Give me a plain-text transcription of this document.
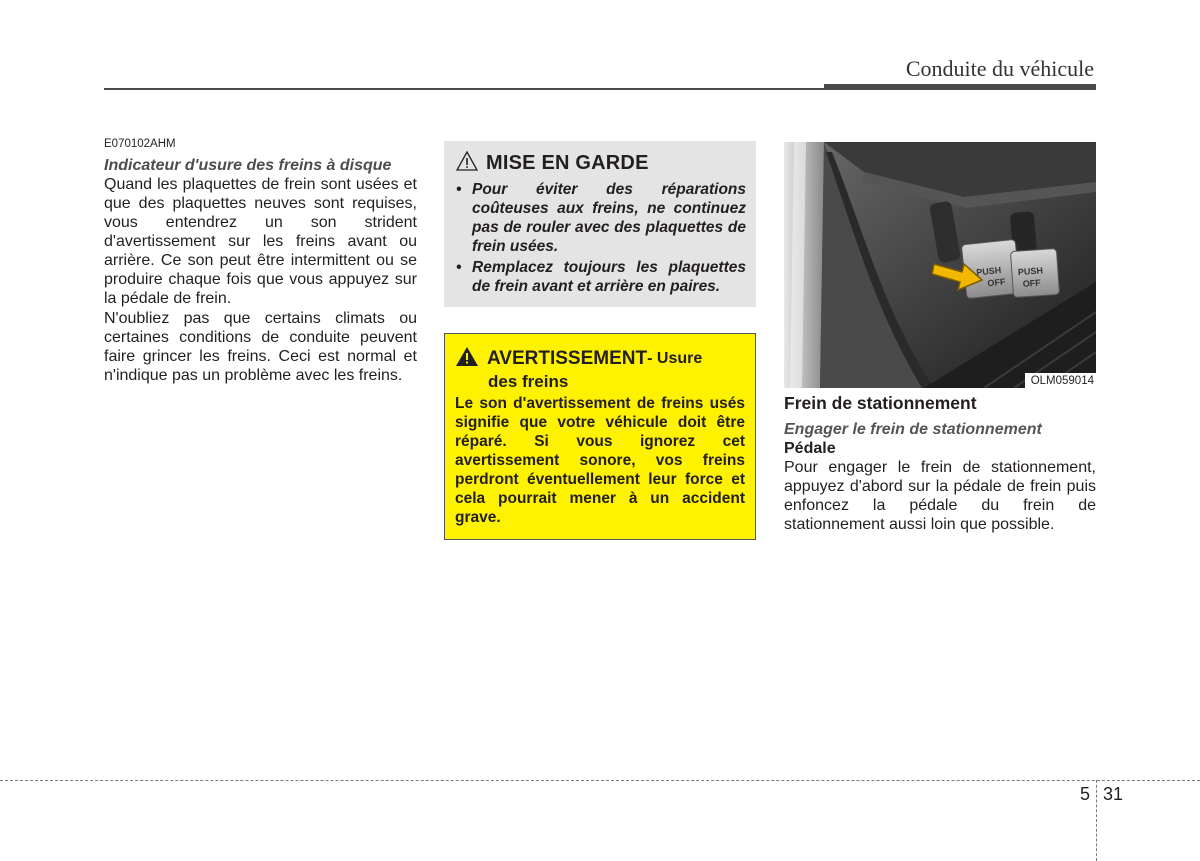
Conduite du véhicule
E070102AHM
Indicateur d'usure des freins à disque

Quand les plaquettes de frein sont usées et que des plaquettes neuves sont requises, vous entendrez un son strident d'avertissement sur les freins avant ou arrière. Ce son peut être intermittent ou se produire chaque fois que vous appuyez sur la pédale de frein.

N'oubliez pas que certains climats ou certaines conditions de conduite peuvent faire grincer les freins. Ceci est normal et n'indique pas un problème avec les freins.

MISE EN GARDE
• Pour éviter des réparations coûteuses aux freins, ne continuez pas de rouler avec des plaquettes de frein usées.
• Remplacez toujours les plaquettes de frein avant et arrière en paires.
AVERTISSEMENT - Usure
des freins
Le son d'avertissement de freins usés signifie que votre véhicule doit être réparé. Si vous ignorez cet avertissement sonore, vos freins perdront éventuellement leur force et cela pourrait mener à un accident grave.
PUSH
OFF
PUSH
OFF
OLM059014
Frein de stationnement
Engager le frein de stationnement
Pédale

Pour engager le frein de stationnement, appuyez d'abord sur la pédale de frein puis enfoncez la pédale du frein de stationnement aussi loin que possible.

5 31
